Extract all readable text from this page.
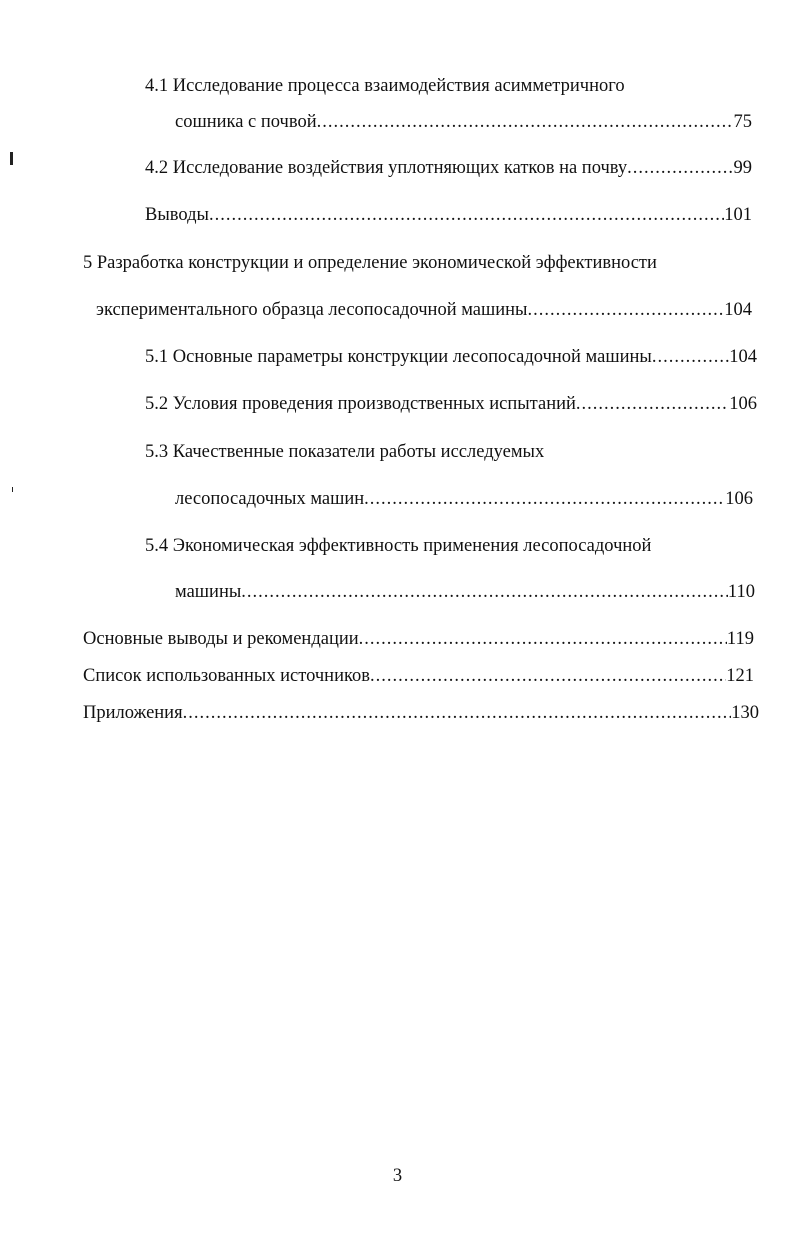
4.1 Исследование процесса взаимодействия асимметричного
сошника с почвой .....	75
4.2 Исследование воздействия уплотняющих катков на почву .....	99
Выводы .....	101
5 Разработка конструкции и определение экономической эффективности
экспериментального образца лесопосадочной машины .....	104
5.1 Основные параметры конструкции лесопосадочной машины .....	104
5.2 Условия проведения производственных испытаний .....	106
5.3 Качественные показатели работы исследуемых
лесопосадочных машин .....	106
5.4 Экономическая эффективность применения лесопосадочной
машины .....	110
Основные выводы и рекомендации .....	119
Список использованных источников .....	121
Приложения .....	130
3
